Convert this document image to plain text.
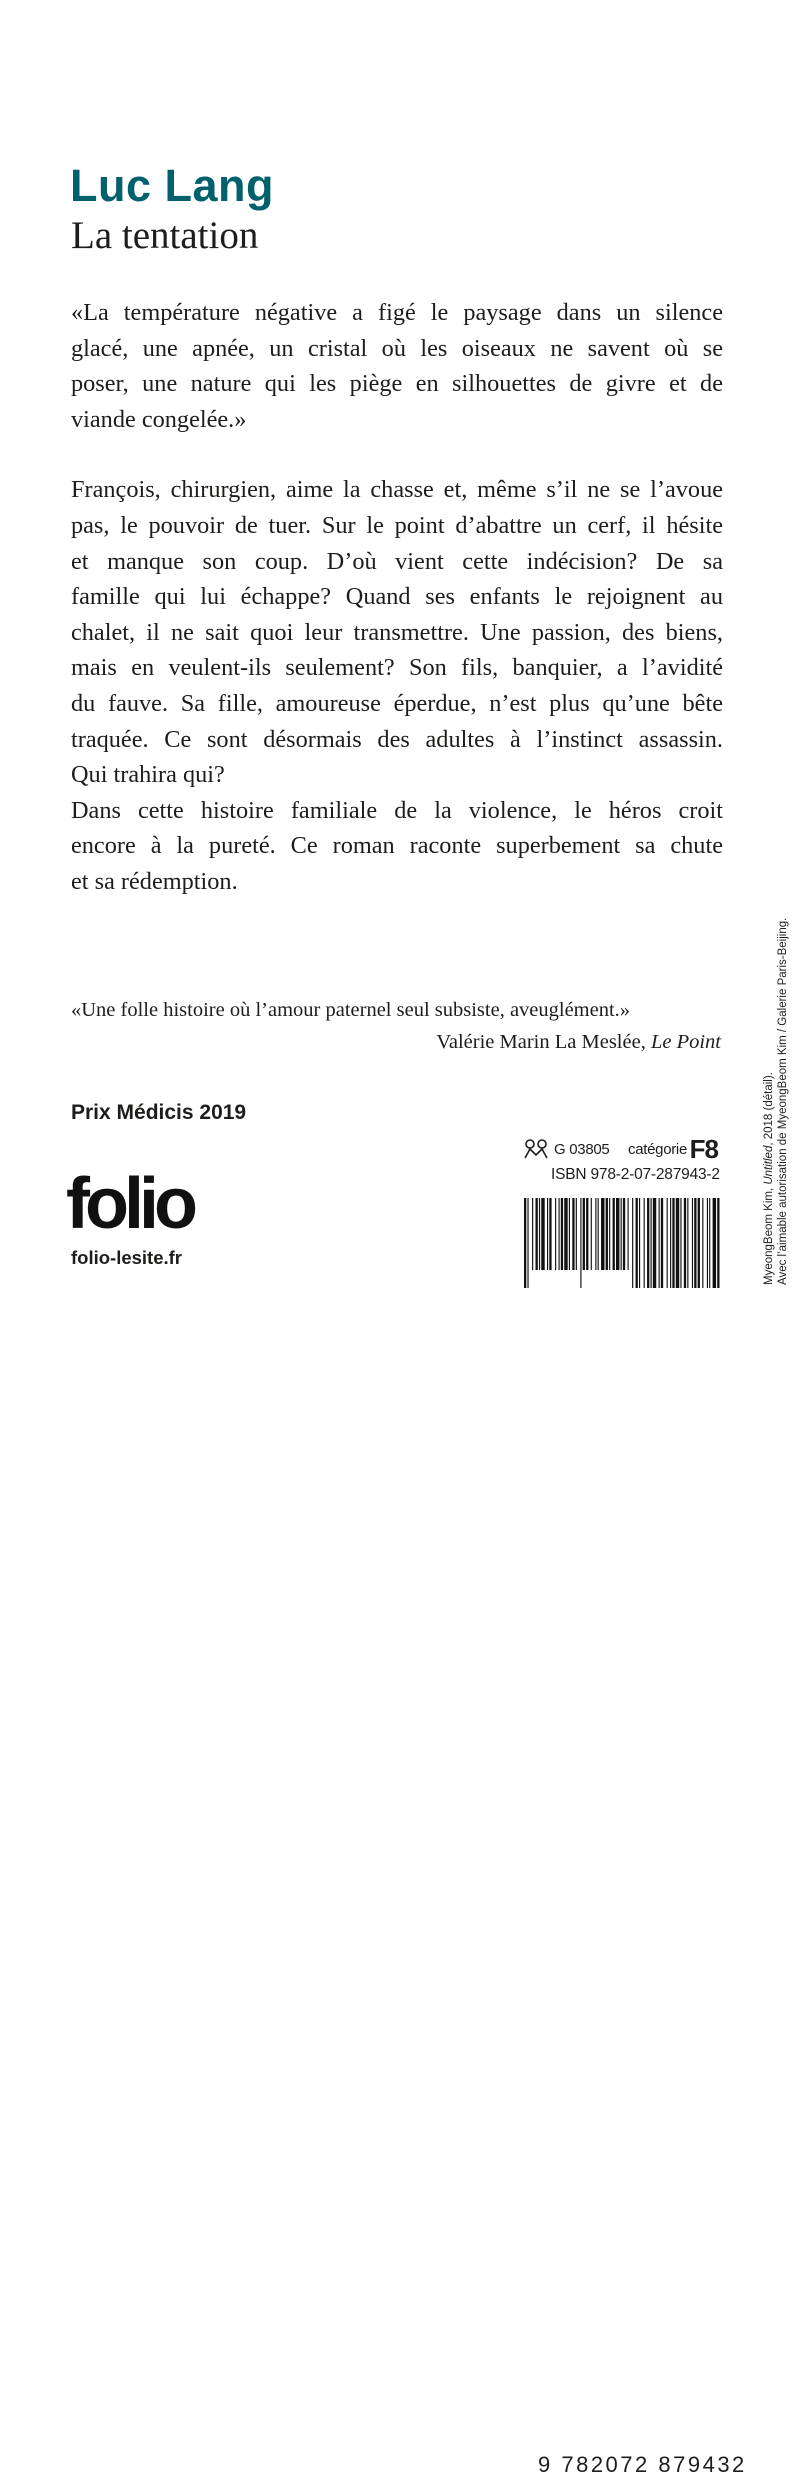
Luc Lang
La tentation

«La température négative a figé le paysage dans un silence
glacé, une apnée, un cristal où les oiseaux ne savent où se
poser, une nature qui les piège en silhouettes de givre et de
viande congelée.»

François, chirurgien, aime la chasse et, même s’il ne se l’avoue
pas, le pouvoir de tuer. Sur le point d’abattre un cerf, il hésite
et manque son coup. D’où vient cette indécision? De sa
famille qui lui échappe? Quand ses enfants le rejoignent au
chalet, il ne sait quoi leur transmettre. Une passion, des biens,
mais en veulent-ils seulement? Son fils, banquier, a l’avidité
du fauve. Sa fille, amoureuse éperdue, n’est plus qu’une bête
traquée. Ce sont désormais des adultes à l’instinct assassin.
Qui trahira qui?

Dans cette histoire familiale de la violence, le héros croit
encore à la pureté. Ce roman raconte superbement sa chute
et sa rédemption.

«Une folle histoire où l’amour paternel seul subsiste, aveuglément.»

Valérie Marin La Meslée, Le Point

Prix Médicis 2019

folio

folio-lesite.fr

G 03805 catégorie F8

ISBN 978-2-07-287943-2

9 782072 879432

MyeongBeom Kim, Untitled, 2018 (détail). Avec l’aimable autorisation de MyeongBeom Kim / Galerie Paris-Beijing.
